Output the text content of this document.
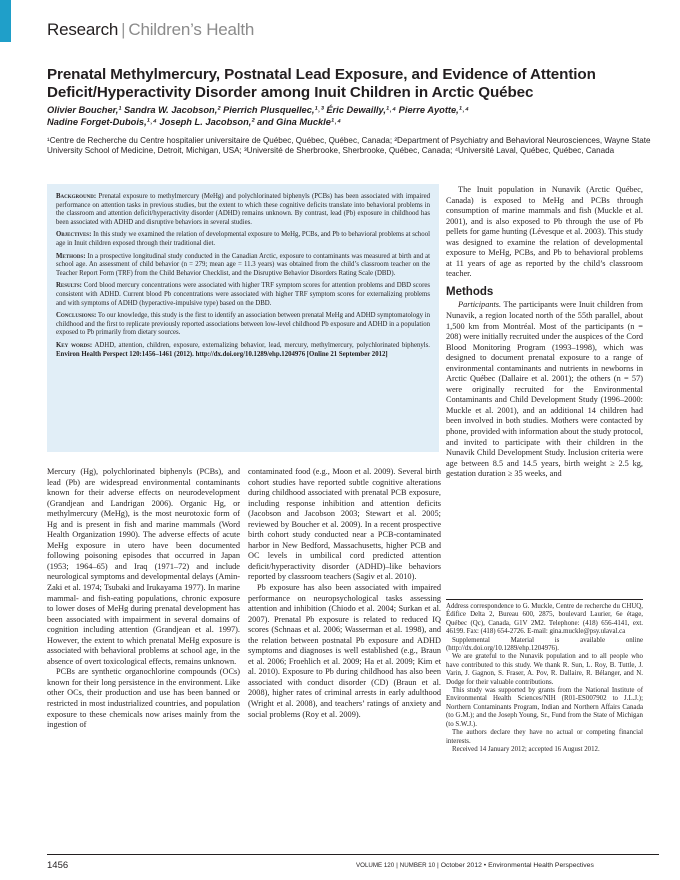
Research | Children’s Health
Prenatal Methylmercury, Postnatal Lead Exposure, and Evidence of Attention Deficit/Hyperactivity Disorder among Inuit Children in Arctic Québec
Olivier Boucher,¹ Sandra W. Jacobson,² Pierrich Plusquellec,¹˒³ Éric Dewailly,¹˒⁴ Pierre Ayotte,¹˒⁴
Nadine Forget-Dubois,¹˒⁴ Joseph L. Jacobson,² and Gina Muckle¹˒⁴
¹Centre de Recherche du Centre hospitalier universitaire de Québec, Québec, Québec, Canada; ²Department of Psychiatry and Behavioral Neurosciences, Wayne State University School of Medicine, Detroit, Michigan, USA; ³Université de Sherbrooke, Sherbrooke, Québec, Canada; ⁴Université Laval, Québec, Québec, Canada

Background: Prenatal exposure to methylmercury (MeHg) and polychlorinated biphenyls (PCBs) has been associated with impaired performance on attention tasks in previous studies, but the extent to which these cognitive deficits translate into behavioral problems in the classroom and attention deficit/hyperactivity disorder (ADHD) remains unknown. By contrast, lead (Pb) exposure in childhood has been associated with ADHD and disruptive behaviors in several studies.

Objectives: In this study we examined the relation of developmental exposure to MeHg, PCBs, and Pb to behavioral problems at school age in Inuit children exposed through their traditional diet.

Methods: In a prospective longitudinal study conducted in the Canadian Arctic, exposure to contaminants was measured at birth and at school age. An assessment of child behavior (n = 279; mean age = 11.3 years) was obtained from the child’s classroom teacher on the Teacher Report Form (TRF) from the Child Behavior Checklist, and the Disruptive Behavior Disorders Rating Scale (DBD).

Results: Cord blood mercury concentrations were associated with higher TRF symptom scores for attention problems and DBD scores consistent with ADHD. Current blood Pb concentrations were associated with higher TRF symptom scores for externalizing problems and with symptoms of ADHD (hyperactive-impulsive type) based on the DBD.

Conclusions: To our knowledge, this study is the first to identify an association between prenatal MeHg and ADHD symptomatology in childhood and the first to replicate previously reported associations between low-level childhood Pb exposure and ADHD in a population exposed to Pb primarily from dietary sources.

Key words: ADHD, attention, children, exposure, externalizing behavior, lead, mercury, methylmercury, polychlorinated biphenyls. Environ Health Perspect 120:1456–1461 (2012). http://dx.doi.org/10.1289/ehp.1204976 [Online 21 September 2012]

Mercury (Hg), polychlorinated biphenyls (PCBs), and lead (Pb) are widespread environmental contaminants known for their adverse effects on neurodevelopment (Grandjean and Landrigan 2006). Organic Hg, or methylmercury (MeHg), is the most neurotoxic form of Hg and is present in fish and marine mammals (Word Health Organization 1990). The adverse effects of acute MeHg exposure in utero have been documented following poisoning episodes that occurred in Japan (1953; 1964–65) and Iraq (1971–72) and include neurological symptoms and developmental delays (Amin-Zaki et al. 1974; Tsubaki and Irukayama 1977). In marine mammal- and fish-eating populations, chronic exposure to lower doses of MeHg during prenatal development has been associated with impairment in several domains of cognition including attention (Grandjean et al. 1997). However, the extent to which prenatal MeHg exposure is associated with behavioral problems at school age, in the absence of overt toxicological effects, remains unknown.

PCBs are synthetic organochlorine compounds (OCs) known for their long persistence in the environment. Like other OCs, their production and use has been banned or restricted in most industrialized countries, and population exposure to these chemicals now arises mainly from the ingestion of

contaminated food (e.g., Moon et al. 2009). Several birth cohort studies have reported subtle cognitive alterations during childhood associated with prenatal PCB exposure, including response inhibition and attention deficits (Jacobson and Jacobson 2003; Stewart et al. 2005; reviewed by Boucher et al. 2009). In a recent prospective birth cohort study conducted near a PCB-contaminated harbor in New Bedford, Massachusetts, higher PCB and OC levels in umbilical cord predicted attention deficit/hyperactivity disorder (ADHD)–like behaviors reported by classroom teachers (Sagiv et al. 2010).

Pb exposure has also been associated with impaired performance on neuropsychological tasks assessing attention and inhibition (Chiodo et al. 2004; Surkan et al. 2007). Prenatal Pb exposure is related to reduced IQ scores (Schnaas et al. 2006; Wasserman et al. 1998), and the relation between postnatal Pb exposure and ADHD symptoms and diagnoses is well established (e.g., Braun et al. 2006; Froehlich et al. 2009; Ha et al. 2009; Kim et al. 2010). Exposure to Pb during childhood has also been associated with conduct disorder (CD) (Braun et al. 2008), higher rates of criminal arrests in early adulthood (Wright et al. 2008), and teachers’ ratings of anxiety and social problems (Roy et al. 2009).

The Inuit population in Nunavik (Arctic Québec, Canada) is exposed to MeHg and PCBs through consumption of marine mammals and fish (Muckle et al. 2001), and is also exposed to Pb through the use of Pb pellets for game hunting (Lévesque et al. 2003). This study was designed to examine the relation of developmental exposure to MeHg, PCBs, and Pb to behavioral problems at 11 years of age as reported by the child’s classroom teacher.

Methods

Participants. The participants were Inuit children from Nunavik, a region located north of the 55th parallel, about 1,500 km from Montréal. Most of the participants (n = 208) were initially recruited under the auspices of the Cord Blood Monitoring Program (1993–1998), which was designed to document prenatal exposure to a range of environmental contaminants and nutrients in newborns in Arctic Québec (Dallaire et al. 2001); the others (n = 57) were originally recruited for the Environmental Contaminants and Child Development Study (1996–2000: Muckle et al. 2001), and an additional 14 children had been involved in both studies. Mothers were contacted by phone, provided with information about the study protocol, and invited to participate with their children in the Nunavik Child Development Study. Inclusion criteria were age between 8.5 and 14.5 years, birth weight ≥ 2.5 kg, gestation duration ≥ 35 weeks, and

Address correspondence to G. Muckle, Centre de recherche du CHUQ, Édifice Delta 2, Bureau 600, 2875, boulevard Laurier, 6e étage, Québec (Qc), Canada, G1V 2M2. Telephone: (418) 656-4141, ext. 46199. Fax: (418) 654-2726. E-mail: gina.muckle@psy.ulaval.ca

Supplemental Material is available online (http://dx.doi.org/10.1289/ehp.1204976).

We are grateful to the Nunavik population and to all people who have contributed to this study. We thank R. Sun, L. Roy, B. Tuttle, J. Varin, J. Gagnon, S. Fraser, A. Pov, R. Dallaire, R. Bélanger, and N. Dodge for their valuable contributions.

This study was supported by grants from the National Institute of Environmental Health Sciences/NIH (R01-ES007902 to J.L.J.); Northern Contaminants Program, Indian and Northern Affairs Canada (to G.M.); and the Joseph Young, Sr., Fund from the State of Michigan (to S.W.J.).

The authors declare they have no actual or competing financial interests.

Received 14 January 2012; accepted 16 August 2012.

1456	VOLUME 120 | NUMBER 10 | October 2012 • Environmental Health Perspectives
